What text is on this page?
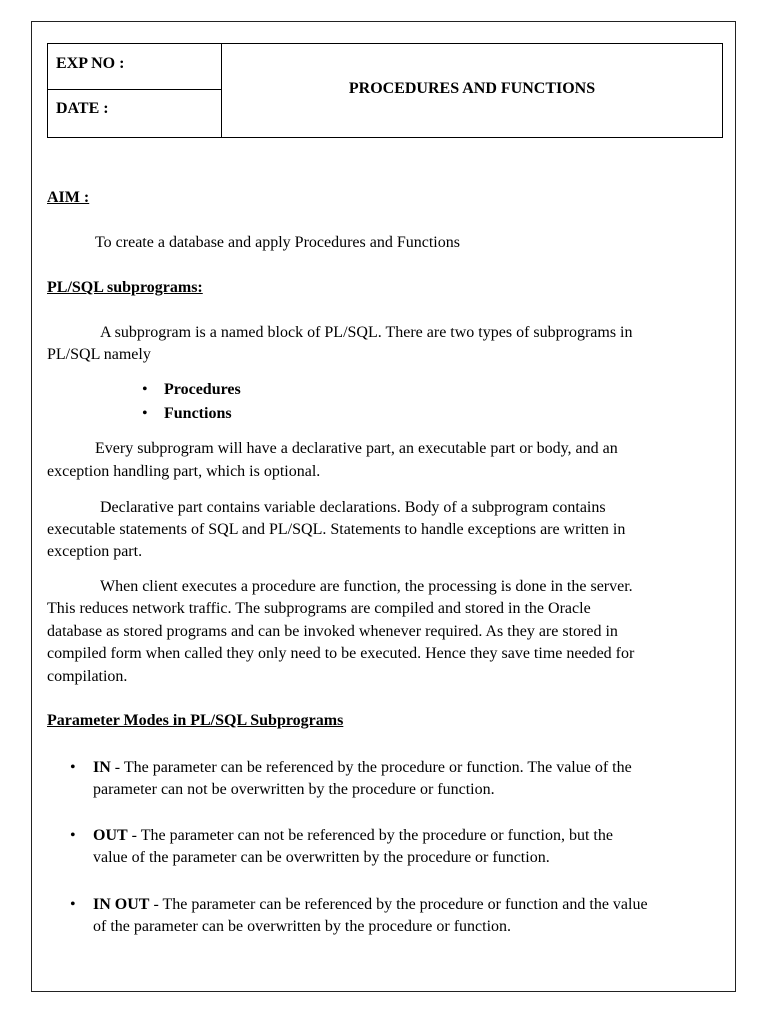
EXP NO :
DATE :
PROCEDURES AND FUNCTIONS
AIM :
To create a database and apply Procedures and Functions
PL/SQL subprograms:
A subprogram is a named block of PL/SQL. There are two types of subprograms in
PL/SQL namely
• Procedures
• Functions
Every subprogram will have a declarative part, an executable part or body, and an
exception handling part, which is optional.
Declarative part contains variable declarations. Body of a subprogram contains
executable statements of SQL and PL/SQL. Statements to handle exceptions are written in
exception part.
When client executes a procedure are function, the processing is done in the server.
This reduces network traffic. The subprograms are compiled and stored in the Oracle
database as stored programs and can be invoked whenever required. As they are stored in
compiled form when called they only need to be executed. Hence they save time needed for
compilation.
Parameter Modes in PL/SQL Subprograms
• IN - The parameter can be referenced by the procedure or function. The value of the
parameter can not be overwritten by the procedure or function.
• OUT - The parameter can not be referenced by the procedure or function, but the
value of the parameter can be overwritten by the procedure or function.
• IN OUT - The parameter can be referenced by the procedure or function and the value
of the parameter can be overwritten by the procedure or function.
